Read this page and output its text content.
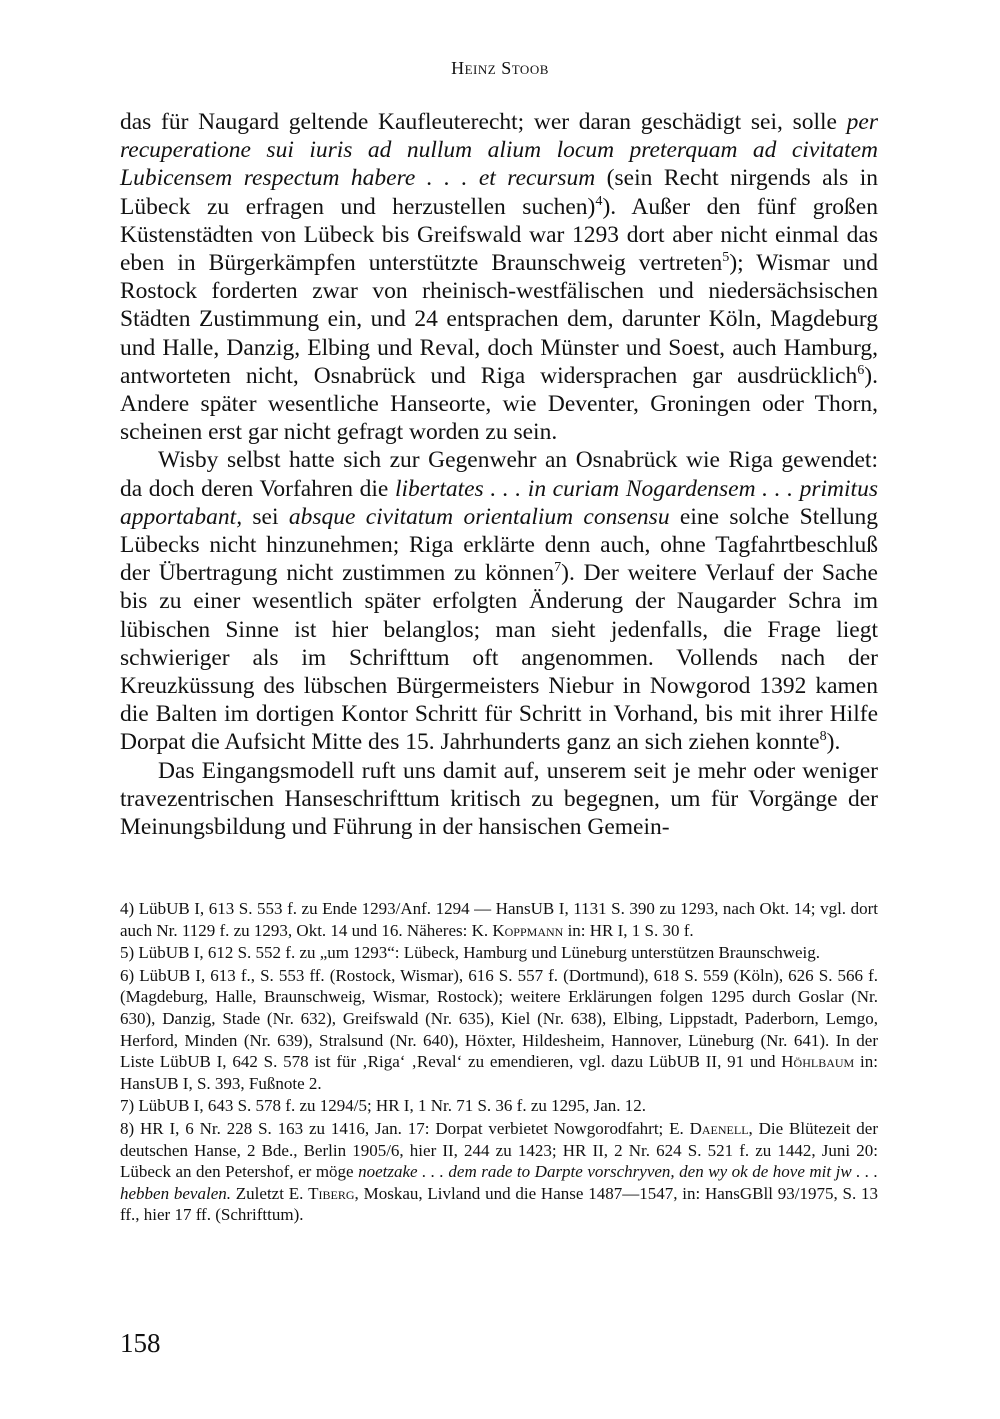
Heinz Stoob

das für Naugard geltende Kaufleuterecht; wer daran geschädigt sei, solle per recuperatione sui iuris ad nullum alium locum preterquam ad civitatem Lubicensem respectum habere . . . et recursum (sein Recht nirgends als in Lübeck zu erfragen und herzustellen suchen)$^4$). Außer den fünf großen Küstenstädten von Lübeck bis Greifswald war 1293 dort aber nicht einmal das eben in Bürgerkämpfen unterstützte Braunschweig vertreten$^5$); Wismar und Rostock forderten zwar von rheinisch-westfälischen und niedersächsischen Städten Zustimmung ein, und 24 entsprachen dem, darunter Köln, Magdeburg und Halle, Danzig, Elbing und Reval, doch Münster und Soest, auch Hamburg, antworteten nicht, Osnabrück und Riga widersprachen gar ausdrücklich$^6$). Andere später wesentliche Hanseorte, wie Deventer, Groningen oder Thorn, scheinen erst gar nicht gefragt worden zu sein.

Wisby selbst hatte sich zur Gegenwehr an Osnabrück wie Riga gewendet: da doch deren Vorfahren die libertates . . . in curiam Nogardensem . . . primitus apportabant, sei absque civitatum orientalium consensu eine solche Stellung Lübecks nicht hinzunehmen; Riga erklärte denn auch, ohne Tagfahrtbeschluß der Übertragung nicht zustimmen zu können$^7$). Der weitere Verlauf der Sache bis zu einer wesentlich später erfolgten Änderung der Naugarder Schra im lübischen Sinne ist hier belanglos; man sieht jedenfalls, die Frage liegt schwieriger als im Schrifttum oft angenommen. Vollends nach der Kreuzküssung des lübschen Bürgermeisters Niebur in Nowgorod 1392 kamen die Balten im dortigen Kontor Schritt für Schritt in Vorhand, bis mit ihrer Hilfe Dorpat die Aufsicht Mitte des 15. Jahrhunderts ganz an sich ziehen konnte$^8$).

Das Eingangsmodell ruft uns damit auf, unserem seit je mehr oder weniger travezentrischen Hanseschrifttum kritisch zu begegnen, um für Vorgänge der Meinungsbildung und Führung in der hansischen Gemein-

4) LübUB I, 613 S. 553 f. zu Ende 1293/Anf. 1294 — HansUB I, 1131 S. 390 zu 1293, nach Okt. 14; vgl. dort auch Nr. 1129 f. zu 1293, Okt. 14 und 16. Näheres: K. Koppmann in: HR I, 1 S. 30 f.

5) LübUB I, 612 S. 552 f. zu „um 1293“: Lübeck, Hamburg und Lüneburg unterstützen Braunschweig.

6) LübUB I, 613 f., S. 553 ff. (Rostock, Wismar), 616 S. 557 f. (Dortmund), 618 S. 559 (Köln), 626 S. 566 f. (Magdeburg, Halle, Braunschweig, Wismar, Rostock); weitere Erklärungen folgen 1295 durch Goslar (Nr. 630), Danzig, Stade (Nr. 632), Greifswald (Nr. 635), Kiel (Nr. 638), Elbing, Lippstadt, Paderborn, Lemgo, Herford, Minden (Nr. 639), Stralsund (Nr. 640), Höxter, Hildesheim, Hannover, Lüneburg (Nr. 641). In der Liste LübUB I, 642 S. 578 ist für ‚Riga‘ ‚Reval‘ zu emendieren, vgl. dazu LübUB II, 91 und Höhlbaum in: HansUB I, S. 393, Fußnote 2.

7) LübUB I, 643 S. 578 f. zu 1294/5; HR I, 1 Nr. 71 S. 36 f. zu 1295, Jan. 12.

8) HR I, 6 Nr. 228 S. 163 zu 1416, Jan. 17: Dorpat verbietet Nowgorodfahrt; E. Daenell, Die Blütezeit der deutschen Hanse, 2 Bde., Berlin 1905/6, hier II, 244 zu 1423; HR II, 2 Nr. 624 S. 521 f. zu 1442, Juni 20: Lübeck an den Petershof, er möge noetzake . . . dem rade to Darpte vorschryven, den wy ok de hove mit jw . . . hebben bevalen. Zuletzt E. Tiberg, Moskau, Livland und die Hanse 1487—1547, in: HansGBll 93/1975, S. 13 ff., hier 17 ff. (Schrifttum).

158
